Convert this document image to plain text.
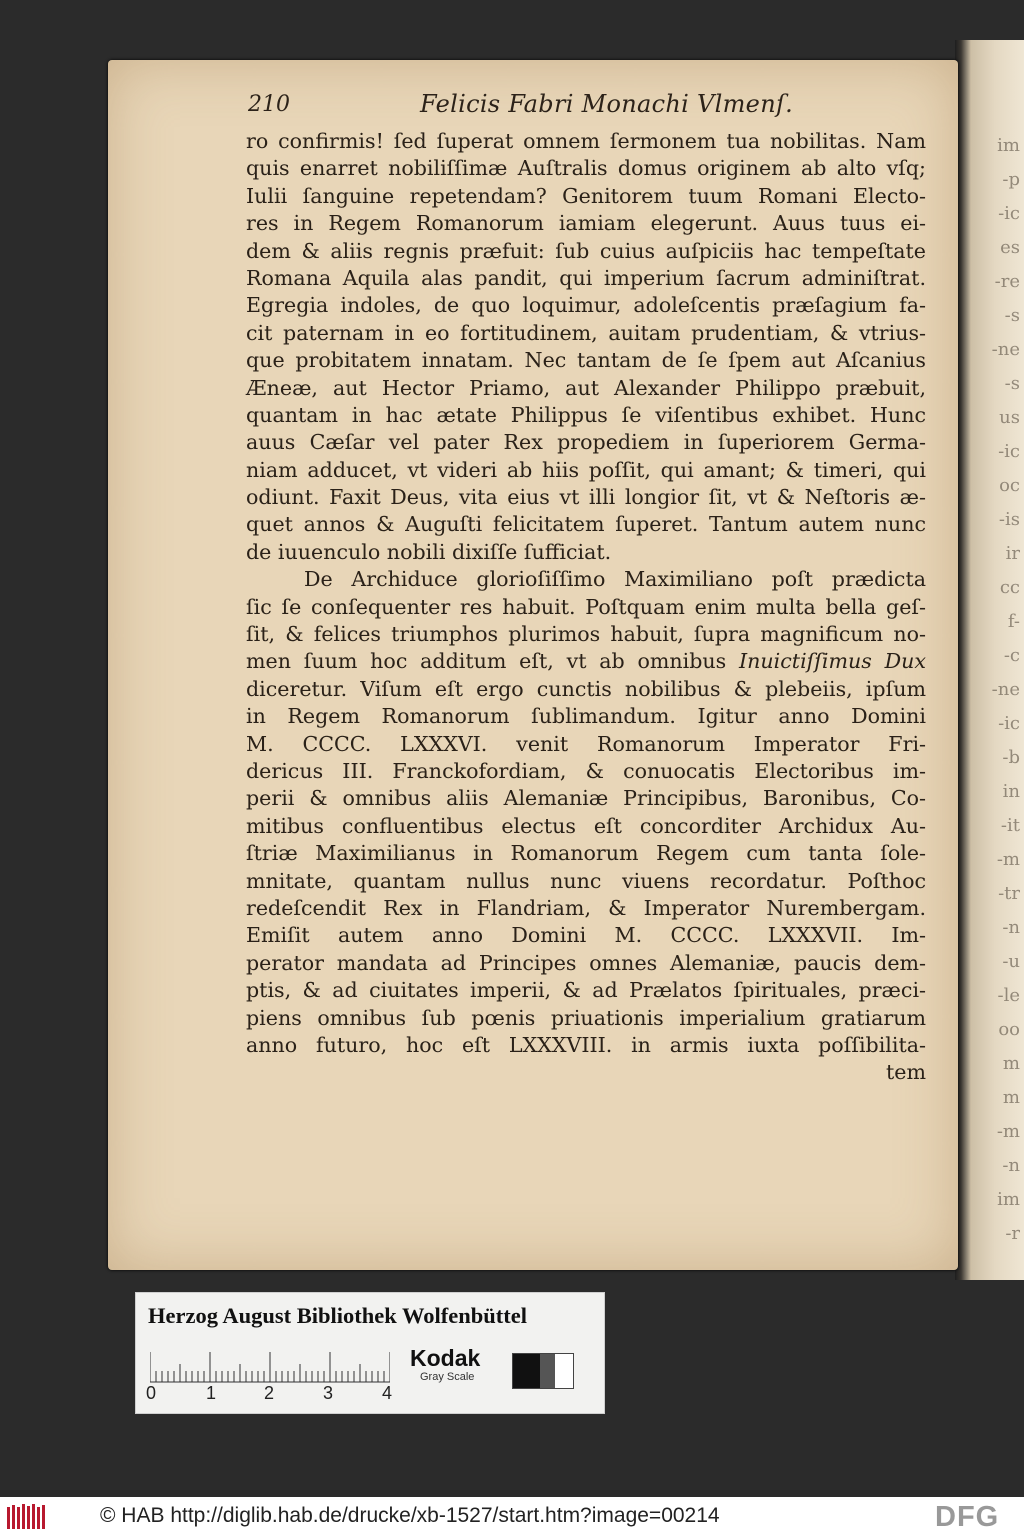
im
-p
-ic
es
-re
-s
-ne
-s
us
-ic
oc
-is
ir
cc
f-
-c
-ne
-ic
-b
in
-it
-m
-tr
-n
-u
-le
oo
m
m
-m
-n
im
-r
210	Felicis Fabri Monachi Vlmenſ.
ro confirmis! ſed ſuperat omnem ſermonem tua nobilitas. Nam
quis enarret nobiliſſimæ Auſtralis domus originem ab alto vſq;
Iulii ſanguine repetendam? Genitorem tuum Romani Electo-
res in Regem Romanorum iamiam elegerunt. Auus tuus ei-
dem & aliis regnis præfuit: ſub cuius auſpiciis hac tempeſtate
Romana Aquila alas pandit, qui imperium ſacrum adminiſtrat.
Egregia indoles, de quo loquimur, adoleſcentis præſagium fa-
cit paternam in eo fortitudinem, auitam prudentiam, & vtrius-
que probitatem innatam. Nec tantam de ſe ſpem aut Aſcanius
Æneæ, aut Hector Priamo, aut Alexander Philippo præbuit,
quantam in hac ætate Philippus ſe viſentibus exhibet. Hunc
auus Cæſar vel pater Rex propediem in ſuperiorem Germa-
niam adducet, vt videri ab hiis poſſit, qui amant; & timeri, qui
odiunt. Faxit Deus, vita eius vt illi longior ſit, vt & Neſtoris æ-
quet annos & Auguſti felicitatem ſuperet. Tantum autem nunc
de iuuenculo nobili dixiſſe ſufficiat.
De Archiduce glorioſiſſimo Maximiliano poſt prædicta
ſic ſe conſequenter res habuit. Poſtquam enim multa bella geſ-
ſit, & felices triumphos plurimos habuit, ſupra magnificum no-
men ſuum hoc additum eſt, vt ab omnibus Inuictiſſimus Dux
diceretur. Viſum eſt ergo cunctis nobilibus & plebeiis, ipſum
in Regem Romanorum ſublimandum. Igitur anno Domini
M. CCCC. LXXXVI. venit Romanorum Imperator Fri-
dericus III. Franckofordiam, & conuocatis Electoribus im-
perii & omnibus aliis Alemaniæ Principibus, Baronibus, Co-
mitibus confluentibus electus eſt concorditer Archidux Au-
ſtriæ Maximilianus in Romanorum Regem cum tanta ſole-
mnitate, quantam nullus nunc viuens recordatur. Poſthoc
redeſcendit Rex in Flandriam, & Imperator Nurembergam.
Emiſit autem anno Domini M. CCCC. LXXXVII. Im-
perator mandata ad Principes omnes Alemaniæ, paucis dem-
ptis, & ad ciuitates imperii, & ad Prælatos ſpirituales, præci-
piens omnibus ſub pœnis priuationis imperialium gratiarum
anno futuro, hoc eſt LXXXVIII. in armis iuxta poſſibilita-
tem
Herzog August Bibliothek Wolfenbüttel
0	1	2	3	4
Kodak
Gray Scale
© HAB http://diglib.hab.de/drucke/xb-1527/start.htm?image=00214	DFG
